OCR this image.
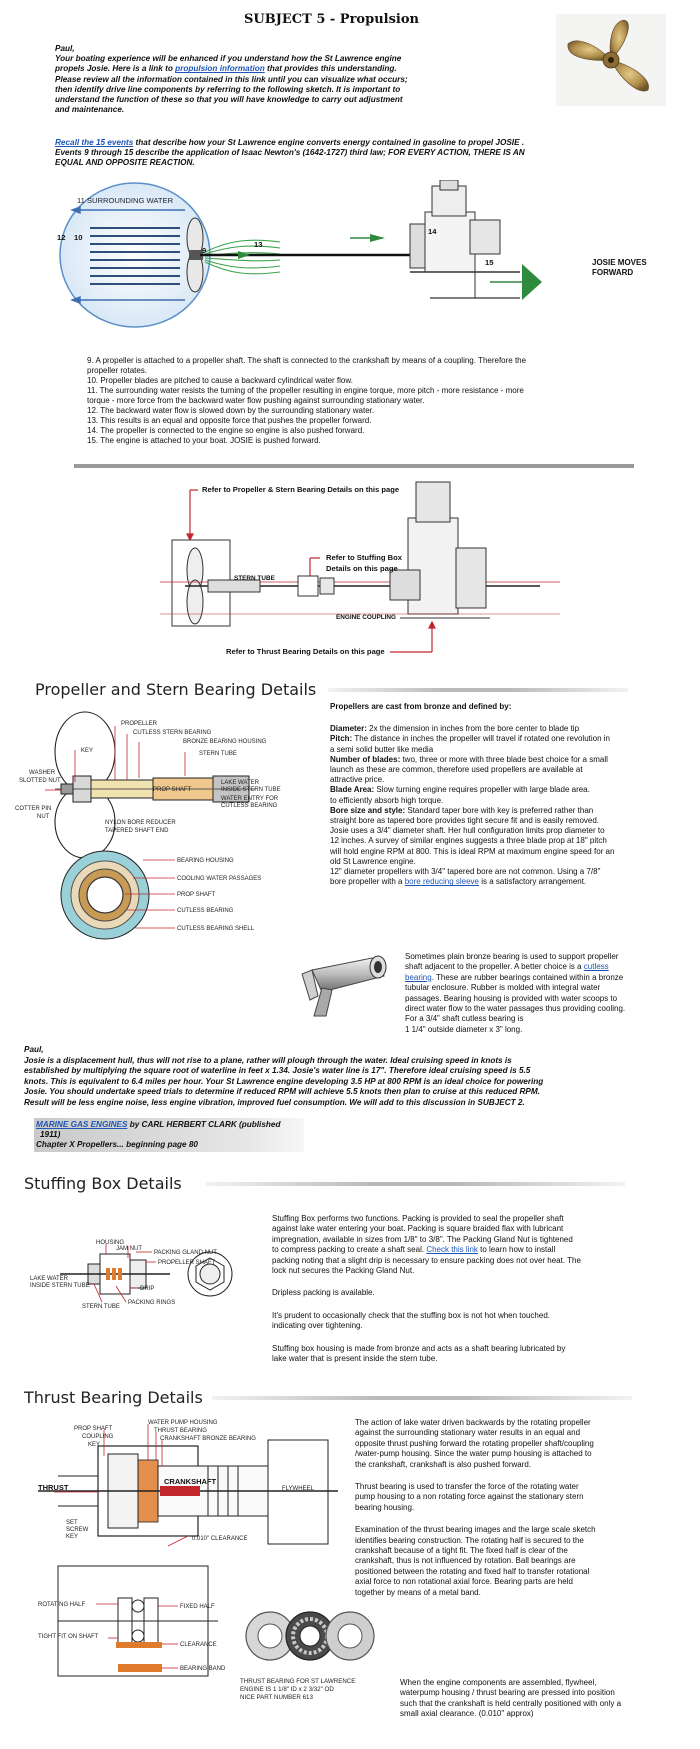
SUBJECT 5 - Propulsion
Paul,
Your boating experience will be enhanced if you understand how the St Lawrence engine
propels Josie. Here is a link to propulsion information that provides this understanding.
Please review all the information contained in this link until you can visualize what occurs;
then identify drive line components by referring to the following sketch. It is important to
understand the function of these so that you will have knowledge to carry out adjustment
and maintenance.
Recall the 15 events that describe how your St Lawrence engine converts energy contained in gasoline to propel JOSIE .
Events 9 through 15 describe the application of Isaac Newton's (1642-1727) third law; FOR EVERY ACTION, THERE IS AN
EQUAL AND OPPOSITE REACTION.
11 SURROUNDING WATER
12 10
9
13
14
15	JOSIE MOVES
FORWARD
9. A propeller is attached to a propeller shaft. The shaft is connected to the crankshaft by means of a coupling. Therefore the
propeller rotates.
10. Propeller blades are pitched to cause a backward cylindrical water flow.
11. The surrounding water resists the turning of the propeller resulting in engine torque, more pitch - more resistance - more
torque - more force from the backward water flow pushing against surrounding stationary water.
12. The backward water flow is slowed down by the surrounding stationary water.
13. This results is an equal and opposite force that pushes the propeller forward.
14. The propeller is connected to the engine so engine is also pushed forward.
15. The engine is attached to your boat. JOSIE is pushed forward.
Refer to Propeller & Stern Bearing Details on this page
Refer to Stuffing Box
Details on this page
STERN TUBE
ENGINE COUPLING
Refer to Thrust Bearing Details on this page
Propeller and Stern Bearing Details
PROPELLER
CUTLESS STERN BEARING
BRONZE BEARING HOUSING
KEY	STERN TUBE
WASHER
SLOTTED NUT	LAKE WATER
INSIDE STERN TUBE
PROP SHAFT
WATER ENTRY FOR
CUTLESS BEARING
COTTER PIN
NUT
NYLON BORE REDUCER
TAPERED SHAFT END
BEARING HOUSING
COOLING WATER PASSAGES
PROP SHAFT
CUTLESS BEARING
CUTLESS BEARING SHELL
Propellers are cast from bronze and defined by:
Diameter: 2x the dimension in inches from the bore center to blade tip
Pitch: The distance in inches the propeller will travel if rotated one revolution in
a semi solid butter like media
Number of blades: two, three or more with three blade best choice for a small
launch as these are common, therefore used propellers are available at
attractive price.
Blade Area: Slow turning engine requires propeller with large blade area.
to efficiently absorb high torque.
Bore size and style: Standard taper bore with key is preferred rather than
straight bore as tapered bore provides tight secure fit and is easily removed.
Josie uses a 3/4" diameter shaft. Her hull configuration limits prop diameter to
12 inches. A survey of similar engines suggests a three blade prop at 18" pitch
will hold engine RPM at 800. This is ideal RPM at maximum engine speed for an
old St Lawrence engine.
12" diameter propellers with 3/4" tapered bore are not common. Using a 7/8"
bore propeller with a bore reducing sleeve is a satisfactory arrangement.
Sometimes plain bronze bearing is used to support propeller
shaft adjacent to the propeller. A better choice is a cutless
bearing. These are rubber bearings contained within a bronze
tubular enclosure. Rubber is molded with integral water
passages. Bearing housing is provided with water scoops to
direct water flow to the water passages thus providing cooling.
For a 3/4" shaft cutless bearing is
1 1/4" outside diameter x 3" long.
Paul,
Josie is a displacement hull, thus will not rise to a plane, rather will plough through the water. Ideal cruising speed in knots is
established by multiplying the square root of waterline in feet x 1.34. Josie's water line is 17". Therefore ideal cruising speed is 5.5
knots. This is equivalent to 6.4 miles per hour. Your St Lawrence engine developing 3.5 HP at 800 RPM is an ideal choice for powering
Josie. You should undertake speed trials to determine if reduced RPM will achieve 5.5 knots then plan to cruise at this reduced RPM.
Result will be less engine noise, less engine vibration, improved fuel consumption. We will add to this discussion in SUBJECT 2.
MARINE GAS ENGINES by CARL HERBERT CLARK (published
1911)
Chapter X Propellers... beginning page 80
Stuffing Box Details
HOUSING
JAM NUT
PACKING GLAND NUT
PROPELLER SHAFT
LAKE WATER
INSIDE STERN TUBE	DRIP
PACKING RINGS
STERN TUBE
Stuffing Box performs two functions. Packing is provided to seal the propeller shaft
against lake water entering your boat. Packing is square braided flax with lubricant
impregnation, available in sizes from 1/8" to 3/8". The Packing Gland Nut is tightened
to compress packing to create a shaft seal. Check this link to learn how to install
packing noting that a slight drip is necessary to ensure packing does not over heat. The
lock nut secures the Packing Gland Nut.
Dripless packing is available.
It's prudent to occasionally check that the stuffing box is not hot when touched.
indicating over tightening.
Stuffing box housing is made from bronze and acts as a shaft bearing lubricated by
lake water that is present inside the stern tube.
Thrust Bearing Details
WATER PUMP HOUSING
THRUST BEARING
CRANKSHAFT BRONZE BEARING
PROP SHAFT
COUPLING
KEY
THRUST
CRANKSHAFT
FLYWHEEL
SET
SCREW
KEY	0.010" CLEARANCE
ROTATING HALF	FIXED HALF
TIGHT FIT ON SHAFT
CLEARANCE
BEARING BAND
The action of lake water driven backwards by the rotating propeller
against the surrounding stationary water results in an equal and
opposite thrust pushing forward the rotating propeller shaft/coupling
/water-pump housing. Since the water pump housing is attached to
the crankshaft, crankshaft is also pushed forward.
Thrust bearing is used to transfer the force of the rotating water
pump housing to a non rotating force against the stationary stern
bearing housing.
Examination of the thrust bearing images and the large scale sketch
identifies bearing construction. The rotating half is secured to the
crankshaft because of a tight fit. The fixed half is clear of the
crankshaft, thus is not influenced by rotation. Ball bearings are
positioned between the rotating and fixed half to transfer rotational
axial force to non rotational axial force. Bearing parts are held
together by means of a metal band.
THRUST BEARING FOR ST LAWRENCE
ENGINE IS 1 1/8" ID x 2 3/32" OD
NICE PART NUMBER 613
When the engine components are assembled, flywheel,
waterpump housing / thrust bearing are pressed into position
such that the crankshaft is held centrally positioned with only a
small axial clearance. (0.010" approx)
